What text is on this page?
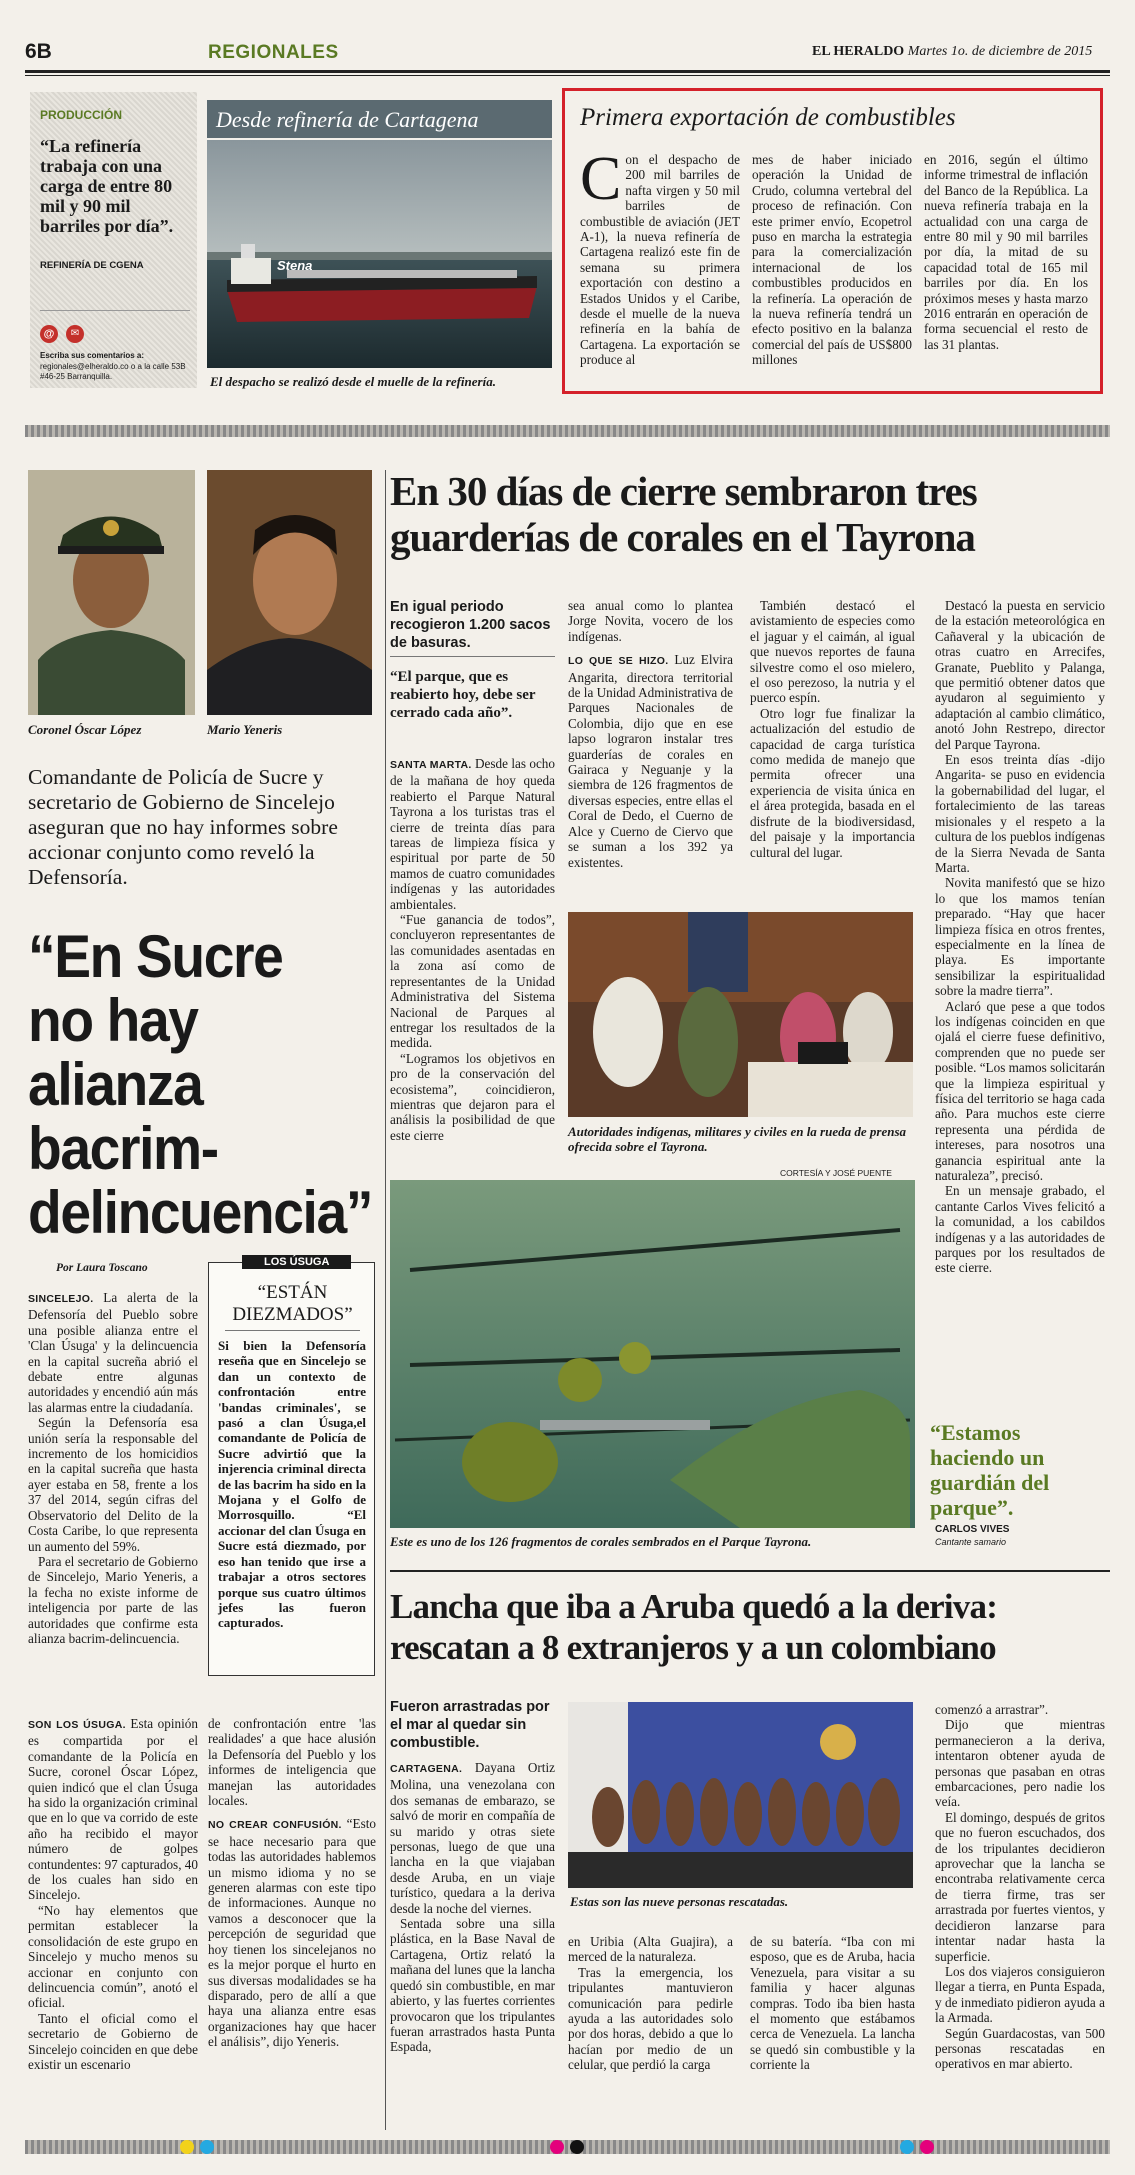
6B	REGIONALES	EL HERALDO Martes 1o. de diciembre de 2015
PRODUCCIÓN
“La refinería trabaja con una carga de entre 80 mil y 90 mil barriles por día”.
REFINERÍA DE CGENA
@	✉
Escriba sus comentarios a:
regionales@elheraldo.co o a la calle 53B #46-25 Barranquilla.
Desde refinería de Cartagena
Stena
El despacho se realizó desde el muelle de la refinería.
Primera exportación de combustibles
Con el despacho de 200 mil barriles de nafta virgen y 50 mil barriles de combustible de aviación (JET A-1), la nueva refinería de Cartagena realizó este fin de semana su primera exportación con destino a Estados Unidos y el Caribe, desde el muelle de la nueva refinería en la bahía de Cartagena. La exportación se produce al
mes de haber iniciado operación la Unidad de Crudo, columna vertebral del proceso de refinación. Con este primer envío, Ecopetrol puso en marcha la estrategia para la comercialización internacional de los combustibles producidos en la refinería. La operación de la nueva refinería tendrá un efecto positivo en la balanza comercial del país de US$800 millones
en 2016, según el último informe trimestral de inflación del Banco de la República. La nueva refinería trabaja en la actualidad con una carga de entre 80 mil y 90 mil barriles por día, la mitad de su capacidad total de 165 mil barriles por día. En los próximos meses y hasta marzo 2016 entrarán en operación de forma secuencial el resto de las 31 plantas.
Coronel Óscar López	Mario Yeneris
Comandante de Policía de Sucre y secretario de Gobierno de Sincelejo aseguran que no hay informes sobre accionar conjunto como reveló la Defensoría.
“En Sucre no hay alianza bacrim-delincuencia”
Por Laura Toscano

SINCELEJO. La alerta de la Defensoría del Pueblo sobre una posible alianza entre el 'Clan Úsuga' y la delincuencia en la capital sucreña abrió el debate entre algunas autoridades y encendió aún más las alarmas entre la ciudadanía.

Según la Defensoría esa unión sería la responsable del incremento de los homicidios en la capital sucreña que hasta ayer estaba en 58, frente a los 37 del 2014, según cifras del Observatorio del Delito de la Costa Caribe, lo que representa un aumento del 59%.

Para el secretario de Gobierno de Sincelejo, Mario Yeneris, a la fecha no existe informe de inteligencia por parte de las autoridades que confirme esta alianza bacrim-delincuencia.

LOS ÚSUGA
“ESTÁN DIEZMADOS”
Si bien la Defensoría reseña que en Sincelejo se dan un contexto de confrontación entre 'bandas criminales', se pasó a clan Úsuga,el comandante de Policía de Sucre advirtió que la injerencia criminal directa de las bacrim ha sido en la Mojana y el Golfo de Morrosquillo. “El accionar del clan Úsuga en Sucre está diezmado, por eso han tenido que irse a trabajar a otros sectores porque sus cuatro últimos jefes las fueron capturados.

SON LOS ÚSUGA. Esta opinión es compartida por el comandante de la Policía en Sucre, coronel Óscar López, quien indicó que el clan Úsuga ha sido la organización criminal que en lo que va corrido de este año ha recibido el mayor número de golpes contundentes: 97 capturados, 40 de los cuales han sido en Sincelejo.

“No hay elementos que permitan establecer la consolidación de este grupo en Sincelejo y mucho menos su accionar en conjunto con delincuencia común”, anotó el oficial.

Tanto el oficial como el secretario de Gobierno de Sincelejo coinciden en que debe existir un escenario

de confrontación entre 'las realidades' a que hace alusión la Defensoría del Pueblo y los informes de inteligencia que manejan las autoridades locales.

NO CREAR CONFUSIÓN. “Esto se hace necesario para que todas las autoridades hablemos un mismo idioma y no se generen alarmas con este tipo de informaciones. Aunque no vamos a desconocer que la percepción de seguridad que hoy tienen los sincelejanos no es la mejor porque el hurto en sus diversas modalidades se ha disparado, pero de allí a que haya una alianza entre esas organizaciones hay que hacer el análisis”, dijo Yeneris.

En 30 días de cierre sembraron tres guarderías de corales en el Tayrona
En igual periodo recogieron 1.200 sacos de basuras.
“El parque, que es reabierto hoy, debe ser cerrado cada año”.

SANTA MARTA. Desde las ocho de la mañana de hoy queda reabierto el Parque Natural Tayrona a los turistas tras el cierre de treinta días para tareas de limpieza física y espiritual por parte de 50 mamos de cuatro comunidades indígenas y las autoridades ambientales.

“Fue ganancia de todos”, concluyeron representantes de las comunidades asentadas en la zona así como de representantes de la Unidad Administrativa del Sistema Nacional de Parques al entregar los resultados de la medida.

“Logramos los objetivos en pro de la conservación del ecosistema”, coincidieron, mientras que dejaron para el análisis la posibilidad de que este cierre

sea anual como lo plantea Jorge Novita, vocero de los indígenas.

LO QUE SE HIZO. Luz Elvira Angarita, directora territorial de la Unidad Administrativa de Parques Nacionales de Colombia, dijo que en ese lapso lograron instalar tres guarderías de corales en Gairaca y Neguanje y la siembra de 126 fragmentos de diversas especies, entre ellas el Coral de Dedo, el Cuerno de Alce y Cuerno de Ciervo que se suman a los 392 ya existentes.

También destacó el avistamiento de especies como el jaguar y el caimán, al igual que nuevos reportes de fauna silvestre como el oso mielero, el oso perezoso, la nutria y el puerco espín.

Otro logr fue finalizar la actualización del estudio de capacidad de carga turística como medida de manejo que permita ofrecer una experiencia de visita única en el área protegida, basada en el disfrute de la biodiversidasd, del paisaje y la importancia cultural del lugar.

Destacó la puesta en servicio de la estación meteorológica en Cañaveral y la ubicación de otras cuatro en Arrecifes, Granate, Pueblito y Palanga, que permitió obtener datos que ayudaron al seguimiento y adaptación al cambio climático, anotó John Restrepo, director del Parque Tayrona.

En esos treinta días -dijo Angarita- se puso en evidencia la gobernabilidad del lugar, el fortalecimiento de las tareas misionales y el respeto a la cultura de los pueblos indígenas de la Sierra Nevada de Santa Marta.

Novita manifestó que se hizo lo que los mamos tenían preparado. “Hay que hacer limpieza física en otros frentes, especialmente en la línea de playa. Es importante sensibilizar la espiritualidad sobre la madre tierra”.

Aclaró que pese a que todos los indígenas coinciden en que ojalá el cierre fuese definitivo, comprenden que no puede ser posible. “Los mamos solicitarán que la limpieza espiritual y física del territorio se haga cada año. Para muchos este cierre representa una pérdida de intereses, para nosotros una ganancia espiritual ante la naturaleza”, precisó.

En un mensaje grabado, el cantante Carlos Vives felicitó a la comunidad, a los cabildos indígenas y a las autoridades de parques por los resultados de este cierre.

Autoridades indígenas, militares y civiles en la rueda de prensa ofrecida sobre el Tayrona.
CORTESÍA Y JOSÉ PUENTE
Este es uno de los 126 fragmentos de corales sembrados en el Parque Tayrona.
“Estamos haciendo un guardián del parque”.
CARLOS VIVES
Cantante samario
Lancha que iba a Aruba quedó a la deriva: rescatan a 8 extranjeros y a un colombiano
Fueron arrastradas por el mar al quedar sin combustible.

CARTAGENA. Dayana Ortiz Molina, una venezolana con dos semanas de embarazo, se salvó de morir en compañía de su marido y otras siete personas, luego de que una lancha en la que viajaban desde Aruba, en un viaje turístico, quedara a la deriva desde la noche del viernes.

Sentada sobre una silla plástica, en la Base Naval de Cartagena, Ortiz relató la mañana del lunes que la lancha quedó sin combustible, en mar abierto, y las fuertes corrientes provocaron que los tripulantes fueran arrastrados hasta Punta Espada,

Estas son las nueve personas rescatadas.

en Uribia (Alta Guajira), a merced de la naturaleza.

Tras la emergencia, los tripulantes mantuvieron comunicación para pedirle ayuda a las autoridades solo por dos horas, debido a que lo hacían por medio de un celular, que perdió la carga

de su batería. “Iba con mi esposo, que es de Aruba, hacia Venezuela, para visitar a su familia y hacer algunas compras. Todo iba bien hasta el momento que estábamos cerca de Venezuela. La lancha se quedó sin combustible y la corriente la

comenzó a arrastrar”.

Dijo que mientras permanecieron a la deriva, intentaron obtener ayuda de personas que pasaban en otras embarcaciones, pero nadie los veía.

El domingo, después de gritos que no fueron escuchados, dos de los tripulantes decidieron aprovechar que la lancha se encontraba relativamente cerca de tierra firme, tras ser arrastrada por fuertes vientos, y decidieron lanzarse para intentar nadar hasta la superficie.

Los dos viajeros consiguieron llegar a tierra, en Punta Espada, y de inmediato pidieron ayuda a la Armada.

Según Guardacostas, van 500 personas rescatadas en operativos en mar abierto.
